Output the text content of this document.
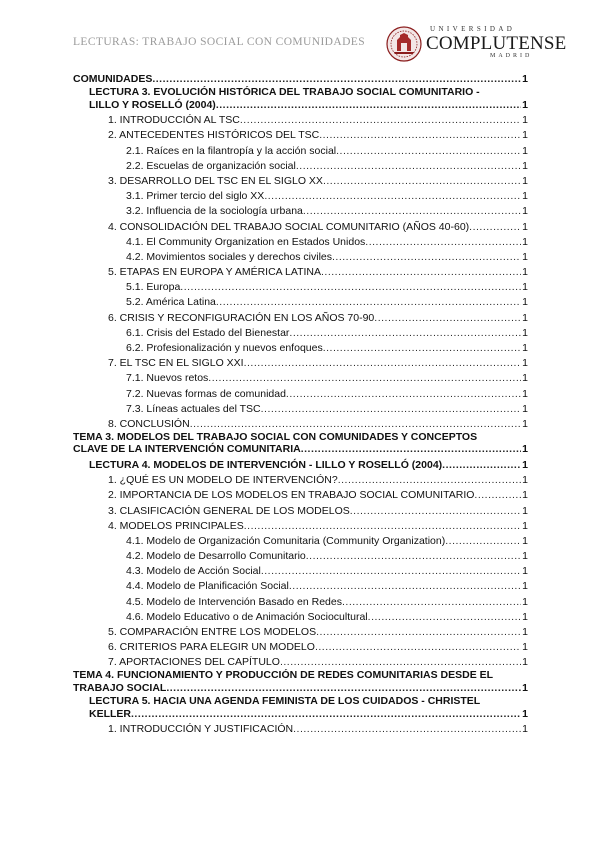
LECTURAS: TRABAJO SOCIAL CON COMUNIDADES
UNIVERSIDAD
COMPLUTENSE
MADRID
COMUNIDADES .....	1
LECTURA 3. EVOLUCIÓN HISTÓRICA DEL TRABAJO SOCIAL COMUNITARIO -
LILLO Y ROSELLÓ (2004) .....	1
1. INTRODUCCIÓN AL TSC .....	1
2. ANTECEDENTES HISTÓRICOS DEL TSC .....	1
2.1. Raíces en la filantropía y la acción social .....	1
2.2. Escuelas de organización social .....	1
3. DESARROLLO DEL TSC EN EL SIGLO XX .....	1
3.1. Primer tercio del siglo XX .....	1
3.2. Influencia de la sociología urbana .....	1
4. CONSOLIDACIÓN DEL TRABAJO SOCIAL COMUNITARIO (AÑOS 40-60) .....	1
4.1. El Community Organization en Estados Unidos .....	1
4.2. Movimientos sociales y derechos civiles .....	1
5. ETAPAS EN EUROPA Y AMÉRICA LATINA .....	1
5.1. Europa .....	1
5.2. América Latina .....	1
6. CRISIS Y RECONFIGURACIÓN EN LOS AÑOS 70-90 .....	1
6.1. Crisis del Estado del Bienestar .....	1
6.2. Profesionalización y nuevos enfoques .....	1
7. EL TSC EN EL SIGLO XXI .....	1
7.1. Nuevos retos .....	1
7.2. Nuevas formas de comunidad .....	1
7.3. Líneas actuales del TSC .....	1
8. CONCLUSIÓN .....	1
TEMA 3. MODELOS DEL TRABAJO SOCIAL CON COMUNIDADES Y CONCEPTOS
CLAVE DE LA INTERVENCIÓN COMUNITARIA .....	1
LECTURA 4. MODELOS DE INTERVENCIÓN - LILLO Y ROSELLÓ (2004) .....	1
1. ¿QUÉ ES UN MODELO DE INTERVENCIÓN? .....	1
2. IMPORTANCIA DE LOS MODELOS EN TRABAJO SOCIAL COMUNITARIO .....	1
3. CLASIFICACIÓN GENERAL DE LOS MODELOS .....	1
4. MODELOS PRINCIPALES .....	1
4.1. Modelo de Organización Comunitaria (Community Organization) .....	1
4.2. Modelo de Desarrollo Comunitario .....	1
4.3. Modelo de Acción Social .....	1
4.4. Modelo de Planificación Social .....	1
4.5. Modelo de Intervención Basado en Redes .....	1
4.6. Modelo Educativo o de Animación Sociocultural .....	1
5. COMPARACIÓN ENTRE LOS MODELOS .....	1
6. CRITERIOS PARA ELEGIR UN MODELO .....	1
7. APORTACIONES DEL CAPÍTULO .....	1
TEMA 4. FUNCIONAMIENTO Y PRODUCCIÓN DE REDES COMUNITARIAS DESDE EL
TRABAJO SOCIAL .....	1
LECTURA 5. HACIA UNA AGENDA FEMINISTA DE LOS CUIDADOS - CHRISTEL
KELLER .....	1
1. INTRODUCCIÓN Y JUSTIFICACIÓN .....	1
